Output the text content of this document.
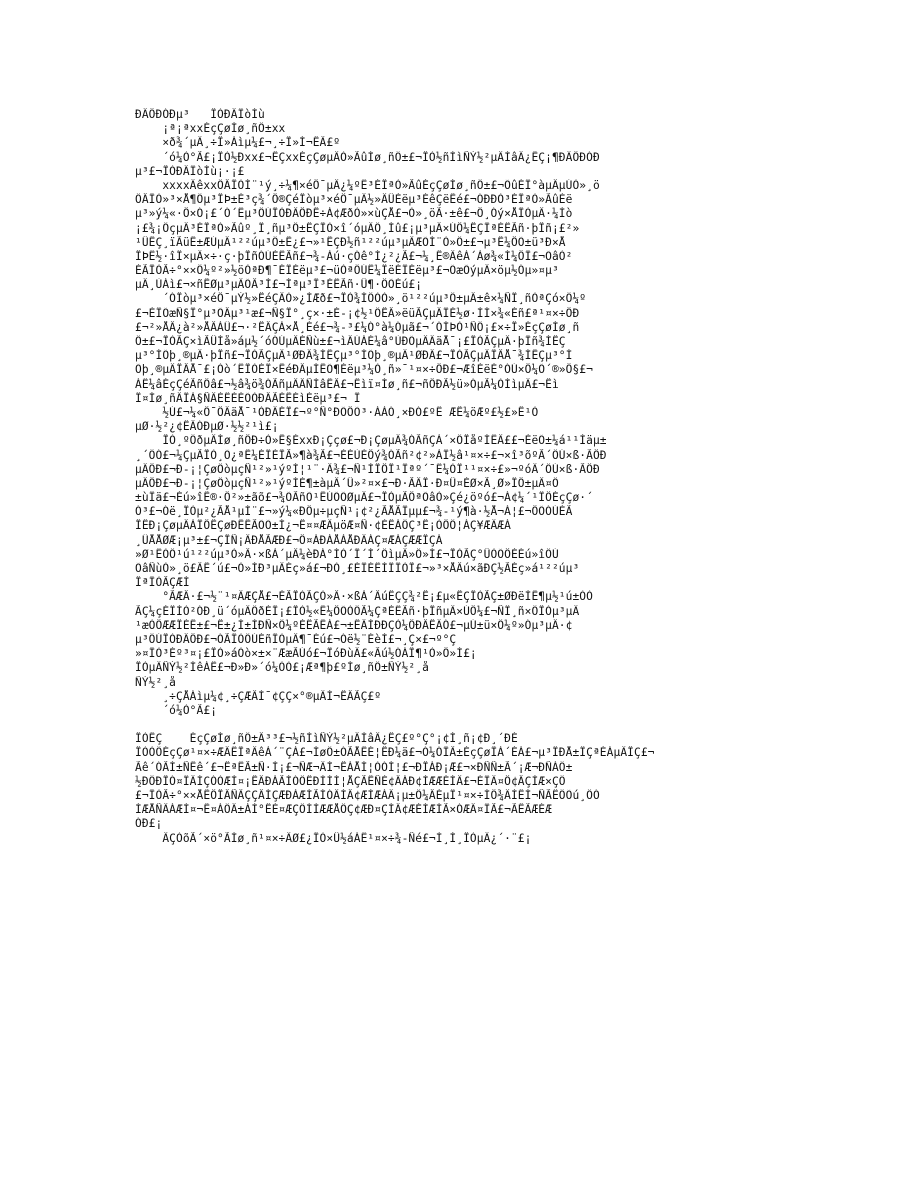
ÐÄÖÐÓÐµ³   ÎÒÐÄÏòÍù
¡ª¡ªxxÉçÇøÍø¸ñÔ±xx
×ð¾´µÄ¸÷Î»Áìµ¼£¬¸÷Î»Í¬ÊÂ£º
´ó¼Ò°Ã£¡ÎÒ½Ðxx£¬ÊÇxxÉçÇøµÄÒ»ÃûÍø¸ñÔ±£¬ÎÒ½ñÌìÑÝ½²µÄÌâÄ¿ÊÇ¡¶ÐÄÖÐÓÐ
µ³£¬ÎÒÐÄÏòÍù¡·¡£
xxxxÄêxxÔÂÎÒÍ¨¹ý¸÷¼¶×éÖ¯µÄ¿¼ºË³ÉÎªÒ»ÃûÉçÇøÍø¸ñÔ±£¬ÕûÉÏ°àµÄµÚÒ»¸ö
ÔÂÎÒ»³×Å¶Ôµ³ÎÞ±È³ç¾´Ö®ÇéÎòµ³×éÖ¯µÄ½»ÄÜÈëµ³ÉêÇëÊé£¬ÓÐÐÒ³ÉÎªÒ»ÃûÈë
µ³»ý¼«·Ö×Ó¡£´Ó´Ëµ³ÔÚÎÒÐÄÖÐÊ÷Á¢ÆðÒ»×ùÇÅ£¬Ò»¸öÃ·±ê£¬Ö¸Óý×ÅÎÒµÄ·¼Ìò
¡£¾¡ÔçµÄ³ÉÎªÒ»Ãûº¸Ï¸ñµ³Ô±ÊÇÎÒ×î´óµÄÔ¸Íû£¡µ³µÄ×ÚÖ¼ÊÇÎªÈËÃñ·þÎñ¡£²»
¹ÜÊÇ¸ïÃüÊ±ÆÚµÄ¹²²úµ³Ô±Ê¿£¬»¹ÊÇÐ½ñ¹²²úµ³µÄÆÕÍ¨Ò»Ô±£¬µ³Ê¼ÖÕ±ü³Ð×Å
ÎÞË½·îÏ×µÄ×÷·ç·þÎñÓÚÈËÃñ£¬¾-Àú·çÓê°Í¿²¿Ã£¬¼¸Ê®ÄêÀ´Àø¾«Í¼ÖÎ£¬ÕâÒ²
ÈÃÎÒÃ÷°××Ô¼º²»½öÒªÐ¶¯ÉÏÈëµ³£¬üÒªÔÚË¼ÏëÉÏÈëµ³£¬ÕæÕýµÄ×öµ½Óµ»¤µ³
µÄ¸ÙÁì£¬×ñÊØµ³µÄÕÂ³Ì£¬Íªµ³Î³ÈËÃñ·Ü¶·ÖÕÉú£¡
´ÓÎòµ³×éÖ¯µÝ½»ÊéÇÄÒ»¿ÌÆð£¬ÎÒ¾ÍÔÒÒ»¸ö¹²²úµ³Ô±µÄ±ê×¼ÑÏ¸ñÒªÇó×Ô¼º
£¬ÈÏÕæÑ§Ï°µ³ÕÂµ³¹æ£¬Ñ§Ï°¸ç×·±É-¡¢½¹ÔÊÂ»ëüÃÇµÄÏÈ½ø·ÌÍ×¾«Éñ£ª¹¤×÷ÖÐ
£¬²»ÅÂ¿à²»ÅÂÀÛ£¬·²ÊÂÇÀ×Å¸Éé£¬¾-³£¼Ó°à¼Óµã£¬´ÓÍÞÒ¹ÑÔ¡£×÷Î»ÉçÇøÍø¸ñ
Ô±£¬ÎÒÃÇ×ìÃÜÌå»áµ½´óÓÚµÄÉÑù±£¬ìÄÚÁÉ¼â°ÙÐÕµÄÄäÅ¯¡£ÎÒÃÇµÄ·þÎñ¾ÍÊÇ
µ³°ÍÕþ¸®µÄ·þÎñ£¬ÎÒÃÇµÄ¹ØÐÄ¾ÍÊÇµ³°ÍÕþ¸®µÄ¹ØÐÄ£¬ÎÒÃÇµÄÎÂÅ¯¾ÍÊÇµ³°Í
Õþ¸®µÄÎÂÅ¯£¡Òò´ËÎÒÈÏ×ÊéÐÄµÍÊÕ¶Èëµ³¼Ò¸ñ»¯¹¤×÷ÖÐ£¬ÆîÈëÈ°ÓÚ×Ö¼Õ´®»Ö§£¬
ÁË¼âÉçÇéÃñÖâ£¬½â¾ö¾ÓÃñµÄÄÑÌâÊÂ£¬Êìï¤Íø¸ñ£¬ñÖÐÃ½ü»ÓµÃ¼ÒÌìµÄ£¬Êì
Ï¤Íø¸ñÄÏÀ§ÑÄÈËÈÈÕÒÐÂÃÈÊÉìÈëµ³£¬ Ï
½Ú£¬¼«Ö¯ÖÄäÅ¯¹ÒÐÄÉÏ£¬º°Ñ°ÐÕÖÕ³·ÁÀÓ¸×ÐÓ£ºË ÆÊ¼öÆº£½£»Ê¹Ò
µØ·½²¿¢ÊÂÓÐµØ·½½²¹ì£¡
ÎÒ¸ºÔðµÄÍø¸ñÖÐ÷Ò»Ê§ÈxxÐ¡Ççø£¬Ð¡ÇøµÄ¾ÓÃñÇÀ´×ÔÎåºÍËÄ££¬ÈëÕ±¼á¹¹Ìäµ±
¸´ÔÓ£¬¼ÇµÃÎÒ¸Õ¿ªÊ¼ÉÏÈÎÃ»¶à¾Ã£¬ÈÉÙÈÖý¾ÓÃñ²¢²»ÀÏ½â¹¤×÷£¬×î³õºÃ´ÔÚ×ß·ÃÖÐ
µÄÖÐ£¬Ð-¡¦ÇøÔòµçÑ¹²»¹ýºÍ¦¹¨·Ä¾£¬Ñ¹ÌÎÖÎ¹Ïªº´¯Ë¼ÒÏ¹¹¤×÷£»¬ºóÄ´ÔÚ×ß·ÃÖÐ
µÄÖÐ£¬Ð-¡¦ÇøÔòµçÑ¹²»¹ýºÍÈ¶±àµÄ´Ü»²¤×£¬Ð·ÃÄÎ·Ð¤Ü¤ÈØ×Ã¸Ø»ÏÖ±µÄ¤Ô
±ùÏä£¬Éú»îÊ®·Ö²»±ãõ£¬¾ÕÃñÕ¹ÊÚÕÕØµÄ£¬ÎÒµÃÖªÕâÒ»Çé¿öºó£¬Á¢¼´¹ÏÖÉçÇø·´
Ó³£¬Óë¸ÏÒµ²¿ÃÅ¹µÍ¨£¬»ý¼«ÐÖµ÷µçÑ¹¡¢²¿ÃÅÃÏµµ£¬¾-¹ý¶à·½Å¬Á¦£¬ÖÕÓÚÈÃ
ÎÊÐ¡ÇøµÄÀÏÖÊÇøÐÊÊÃÕÕ±Í¿¬Ê¤¤ÆÄµöÆ¤Ñ·¢ÈÊÁÔÇ³Ê¡ÒÖÔ¦ÁÇ¥ÆÄÆÁ
¸ÛÅÅØÆ¡µ³±£¬ÇÎÑ¡ÄÐÅÃÆÐ£¬Ö¤ÁÐÁÅÀÅÐÄÁÇ¤ÆÁÇÆÆÎÇÁ
»Ø¹ËÒÔ¹ú¹²²úµ³Ò»Â·×ßÀ´µÄ¼èÐÁ°ÍÒ´Î´Í´ÔìµÄ»Ô»Í£¬ÎÒÃÇ°ÜÒÕÖÈÉú»îÔÚ
ÕâÑùÒ»¸ö£ÂÊ´ú£¬Ò»ÍÐ³µÄÉç»á£¬ÐÒ¸£ÉÏÉËÌÏÏÒÎ£¬»³×ÅÂú×ãÐÇ½ÃÉç»á¹²²úµ³
ÎªÎÒÃÇÆÌ
°ÃÆÂ·£¬½¨¹¤ÄÆÇÅ£¬ÈÃÎÒÃÇÒ»Â·×ßÀ´ÂúÊÇÇ¾²Ê¡£µ«ÊÇÎÒÃÇ±ØÐëÌÊ¶µ½¹ú±ÒÒ
ÃÇ¼çÉÏÌÒ²ÓÐ¸ü´óµÄÔðÈÎ¡£ÎÒ½«Ê¼ÖÕÒÔÃ¼ÇªÈËÃñ·þÎñµÄ×ÚÖ¼£¬ÑÏ¸ñ×ÔÎÒµ³µÄ
¹æÒÖÆÆÏÈÊ±£¬Ê±¿Ì±ÌÐÑ×Ô¼ºÈËÃÊÁ£¬±ÊÂÌÐÐÇÒ¼ÖÐÂÊÄÓ£¬µÚ±ü×Ô¼º»Óµ³µÄ·¢
µ³ÔÚÎÒÐÄÖÐ£¬ÓÃÎÒÔÚÉñÎÒµÄ¶¯Éú£¬Óë½¨ÉèÌ£¬¸Ç×£¬º°Ç
»¤ÎÒ³Éº³¤¡£ÎÒ»áÒò×±×¨ÆæÃÚó£¬ÏóÐùÄ£«Ãú½ÓÁÎ¶¹Ò»Ö»Í£¡
ÎÒµÄÑÝ½²ÍêÁË£¬Ð»Ð»´ó¼ÒÒ£¡Æª¶þ£ºÍø¸ñÔ±ÑÝ½²¸å
ÑÝ½²¸å
¸÷ÇÅÁìµ¼¢¸÷ÇÆÂÌ¯¢ÇÇ×°®µÄÍ¬ÊÂÃÇ£º
´ó¼Ò°Ã£¡
ÎÒÊÇ    ÉçÇøÍø¸ñÔ±Ä³³£¬½ñÌìÑÝ½²µÄÌâÄ¿ÊÇ£º°Ç°¡¢Í¸ñ¡¢Ð¸´ÐÉ
ÎÒÒÔÉçÇø¹¤×÷ÆÄËÎªÄêÀ´¨ÇÁ£¬ÍøÔ±ÓÃÅÊÉ¦ÊÐ¼ä£¬Ó¼ÓÎÂ±ÉçÇøÎÀ´ÉÁ£¬µ³ÏÐÅ±ÏÇªÉÁµÄÎÇ£¬
Ãê´ÓÃÍ±ÑÊê´£¬ÊªËÃ±Ñ·Ì¡£¬ÑÆ¬ÄÍ¬ÊÁÅÍ¦ÒÓÍ¦£¬ÐÎÁÐ¡Æ£¬×ÐÑÑ±Ã´¡Æ¬ÐÑÁÔ±
½ÐÔÐÎÓ¤ÏÄÍÇÓÒÆÌ¤¡ÊÄÐÁÃÍÓÔÊÐÌÍÍ¦ÅÇÃÊÑÈ¢ÂÁÐ¢ÌÆÆÉÍÄ£¬ÉÏÄ¤Ö¢ÂÇÌÆ×ÇÔ
£¬ÎÒÃ÷°××ÅÊÖÎÂÑÂÇÇÂÍÇÆÐÀÆÍÃÍÓÄÍÂ¢ÆÌÆÁÄ¡µ±Ô¼ÂÉµÏ¹¤×÷ÍÖ¾ÄÌÊÍ¬ÑÃËÔÕú¸ÔÓ
ÍÆÅÑÄÁÆÌ¤¬Ê¤ÁÔÄ±ÁÌ°ÊÈ¤ÆÇÔÍÌÆÆÅÔÇ¢ÆÐ¤ÇÍÂ¢ÆÉÍÆÍÃ×ÓÆÄ¤ÏÃ£¬ÃÊÃÆÉÆ
ÓÐ£¡
ÄÇÒõÃ´×ö°ÃÍø¸ñ¹¤×÷ÄØ£¿ÎÒ×Ü½áÁË¹¤×÷¾-Ñé£¬Ì¸Ì¸ÎÒµÄ¿´·¨£¡
